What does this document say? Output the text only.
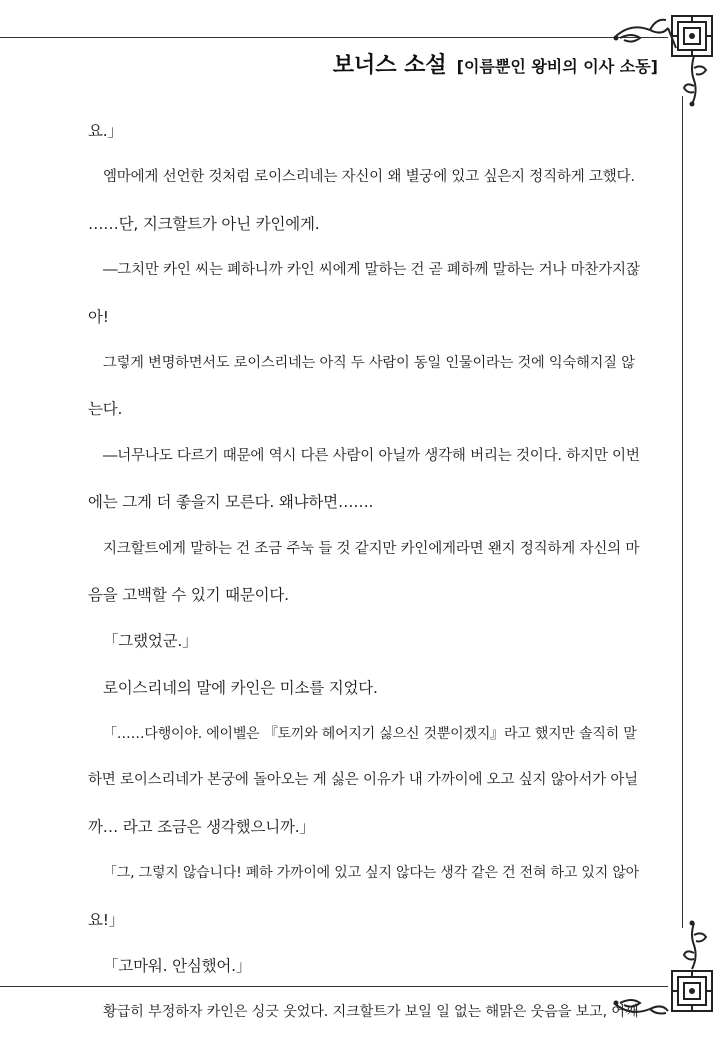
보너스 소설 [이름뿐인 왕비의 이사 소동]
요.」
엠마에게 선언한 것처럼 로이스리네는 자신이 왜 별궁에 있고 싶은지 정직하게 고했다.
……단, 지크할트가 아닌 카인에게.
―그치만 카인 씨는 폐하니까 카인 씨에게 말하는 건 곧 폐하께 말하는 거나 마찬가지잖
아!
그렇게 변명하면서도 로이스리네는 아직 두 사람이 동일 인물이라는 것에 익숙해지질 않
는다.
―너무나도 다르기 때문에 역시 다른 사람이 아닐까 생각해 버리는 것이다. 하지만 이번
에는 그게 더 좋을지 모른다. 왜냐하면…….
지크할트에게 말하는 건 조금 주눅 들 것 같지만 카인에게라면 왠지 정직하게 자신의 마
음을 고백할 수 있기 때문이다.
「그랬었군.」
로이스리네의 말에 카인은 미소를 지었다.
「……다행이야. 에이벨은 『토끼와 헤어지기 싫으신 것뿐이겠지』라고 했지만 솔직히 말
하면 로이스리네가 본궁에 돌아오는 게 싫은 이유가 내 가까이에 오고 싶지 않아서가 아닐
까… 라고 조금은 생각했으니까.」
「그, 그렇지 않습니다! 폐하 가까이에 있고 싶지 않다는 생각 같은 건 전혀 하고 있지 않아
요!」
「고마워. 안심했어.」
황급히 부정하자 카인은 싱긋 웃었다. 지크할트가 보일 일 없는 해맑은 웃음을 보고, 어째
